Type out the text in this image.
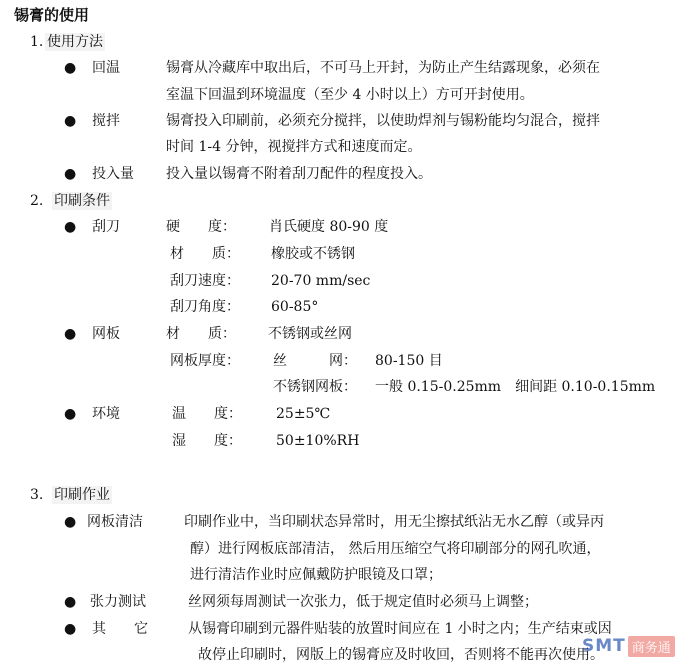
锡膏的使用
1. 使用方法
● 回温	锡膏从冷藏库中取出后，不可马上开封，为防止产生结露现象，必须在
室温下回温到环境温度（至少 4 小时以上）方可开封使用。
● 搅拌	锡膏投入印刷前，必须充分搅拌，以使助焊剂与锡粉能均匀混合，搅拌
时间 1-4 分钟，视搅拌方式和速度而定。
● 投入量 投入量以锡膏不附着刮刀配件的程度投入。
2. 印刷条件
● 刮刀	硬　　度： 肖氏硬度 80-90 度
材　　质： 橡胶或不锈钢
刮刀速度： 20-70 mm/sec
刮刀角度： 60-85°
● 网板	材　　质： 不锈钢或丝网
网板厚度： 丝　　　网： 80-150 目
不锈钢网板： 一般 0.15-0.25mm　细间距 0.10-0.15mm
● 环境	温　　度： 25±5℃
湿　　度： 50±10%RH
3. 印刷作业
● 网板清洁	印刷作业中，当印刷状态异常时，用无尘擦拭纸沾无水乙醇（或异丙
醇）进行网板底部清洁， 然后用压缩空气将印刷部分的网孔吹通，
进行清洁作业时应佩戴防护眼镜及口罩；
● 张力测试	丝网须每周测试一次张力，低于规定值时必须马上调整；
● 其　　它	从锡膏印刷到元器件贴装的放置时间应在 1 小时之内；生产结束或因
故停止印刷时，网版上的锡膏应及时收回，否则将不能再次使用。
SMT 商务通
